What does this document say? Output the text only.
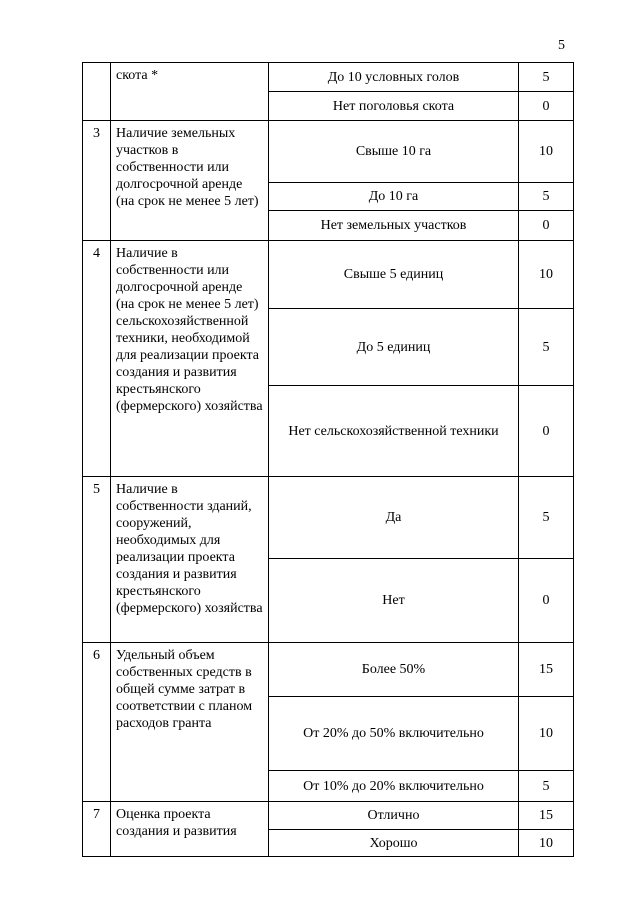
5
	скота *	До 10 условных голов	5
		Нет поголовья скота	0
3	Наличие земельных участков в собственности или долгосрочной аренде (на срок не менее 5 лет)	Свыше 10 га	10
		До 10 га	5
		Нет земельных участков	0
4	Наличие в собственности или долгосрочной аренде (на срок не менее 5 лет) сельскохозяйственной техники, необходимой для реализации проекта создания и развития крестьянского (фермерского) хозяйства	Свыше 5 единиц	10
		До 5 единиц	5
		Нет сельскохозяйственной техники	0
5	Наличие в собственности зданий, сооружений, необходимых для реализации проекта создания и развития крестьянского (фермерского) хозяйства	Да	5
		Нет	0
6	Удельный объем собственных средств в общей сумме затрат в соответствии с планом расходов гранта	Более 50%	15
		От 20% до 50% включительно	10
		От 10% до 20% включительно	5
7	Оценка проекта создания и развития	Отлично	15
		Хорошо	10
